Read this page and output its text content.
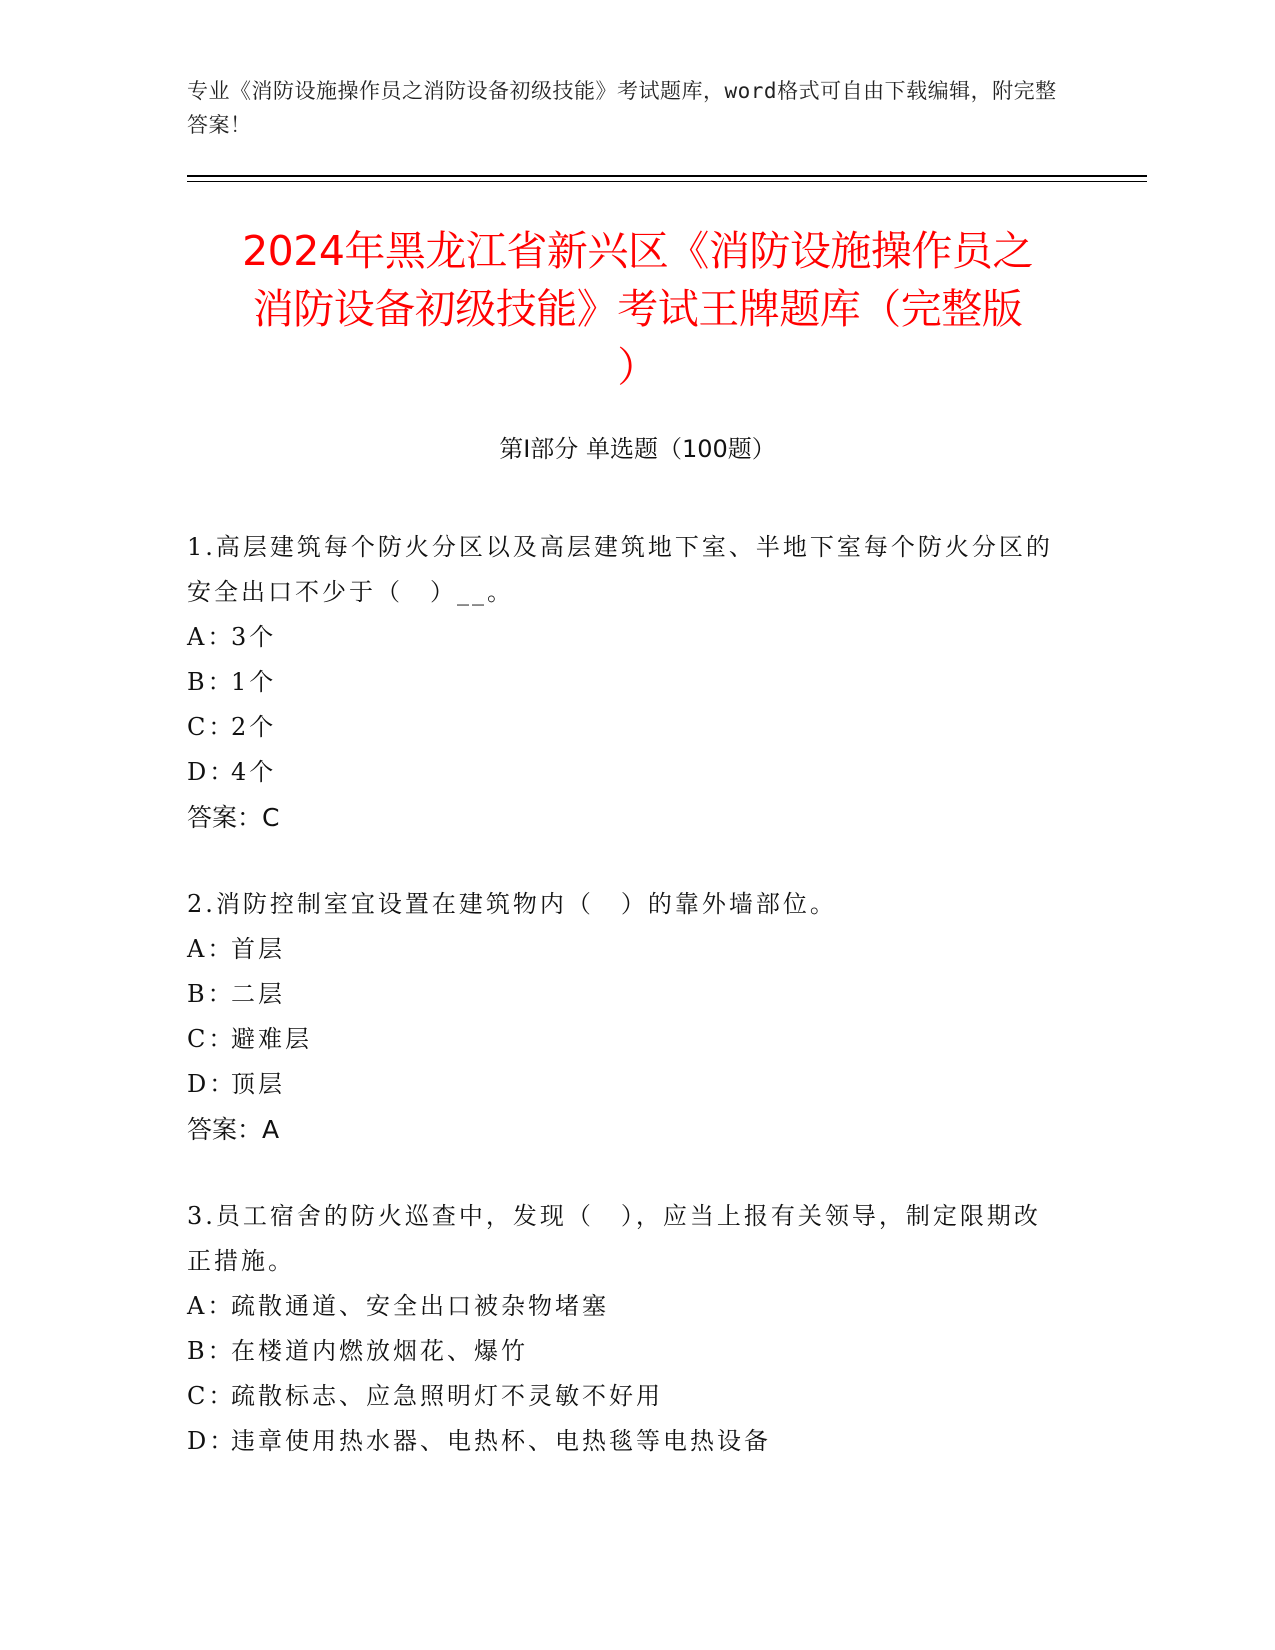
专业《消防设施操作员之消防设备初级技能》考试题库，word格式可自由下载编辑，附完整答案！
2024年黑龙江省新兴区《消防设施操作员之
消防设备初级技能》考试王牌题库（完整版
）
第Ⅰ部分 单选题（100题）

1.高层建筑每个防火分区以及高层建筑地下室、半地下室每个防火分区的安全出口不少于（　）__。

A：3个

B：1个

C：2个

D：4个

答案：C

2.消防控制室宜设置在建筑物内（　）的靠外墙部位。

A：首层

B：二层

C：避难层

D：顶层

答案：A

3.员工宿舍的防火巡查中，发现（　），应当上报有关领导，制定限期改正措施。

A：疏散通道、安全出口被杂物堵塞

B：在楼道内燃放烟花、爆竹

C：疏散标志、应急照明灯不灵敏不好用

D：违章使用热水器、电热杯、电热毯等电热设备
